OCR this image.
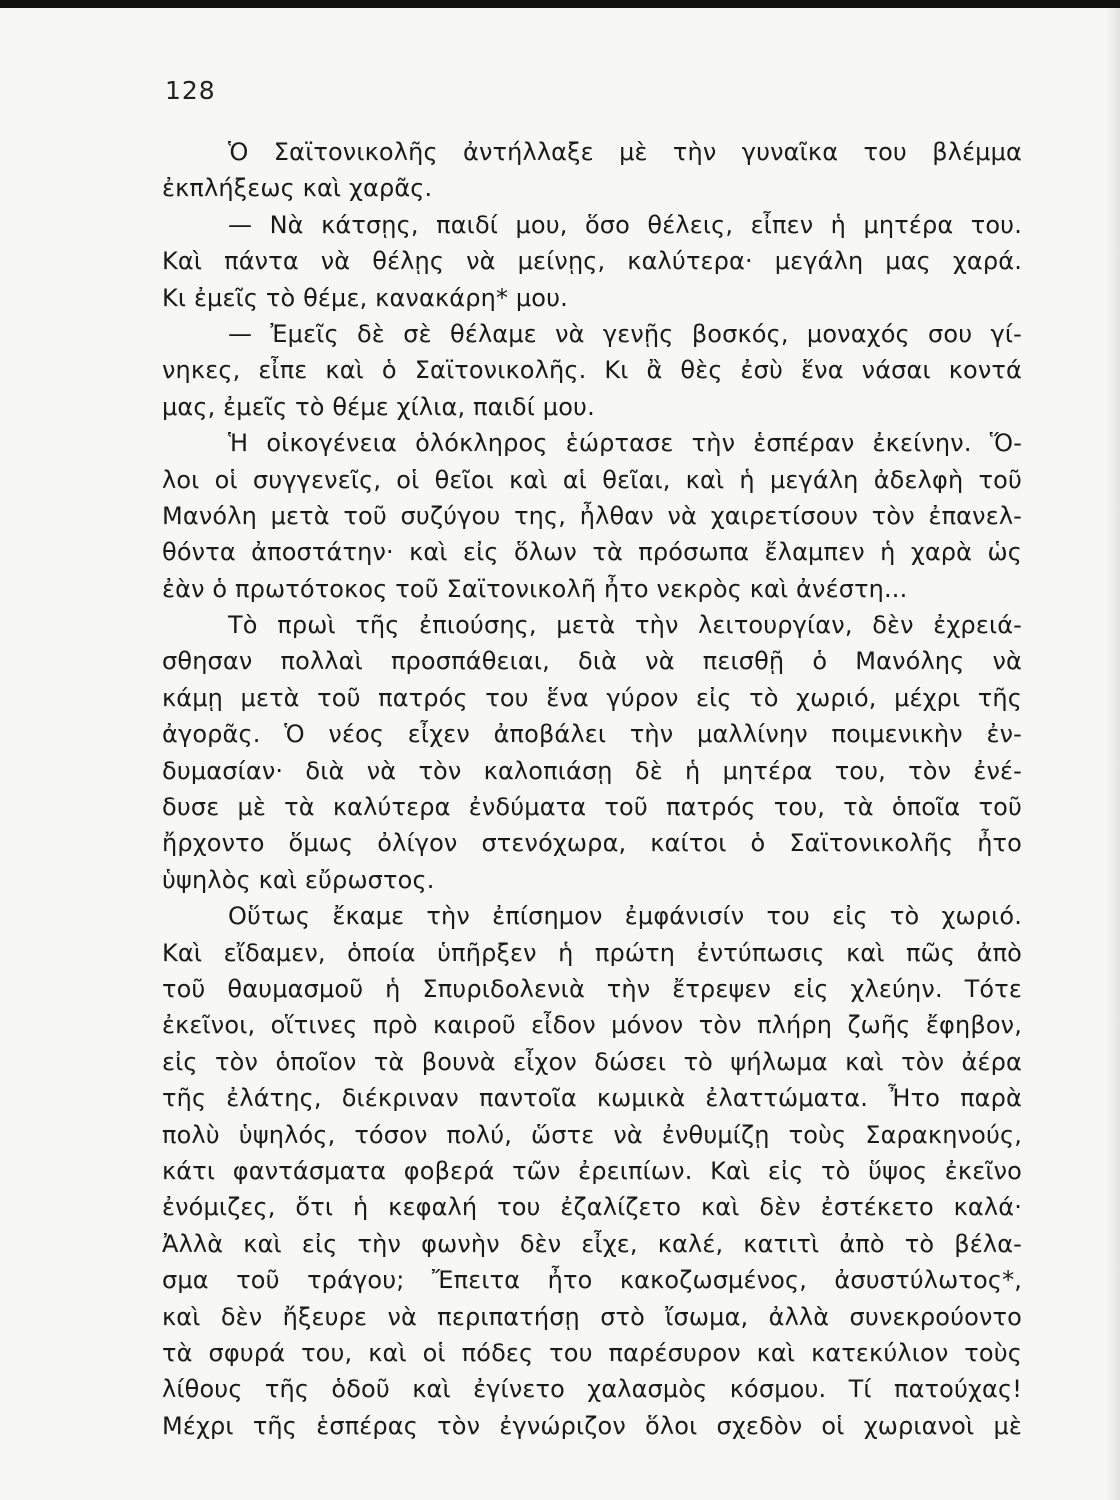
128
Ὁ Σαϊτονικολῆς ἀντήλλαξε μὲ τὴν γυναῖκα του βλέμμα
ἐκπλήξεως καὶ χαρᾶς.
— Νὰ κάτσῃς, παιδί μου, ὅσο θέλεις, εἶπεν ἡ μητέρα του.
Καὶ πάντα νὰ θέλῃς νὰ μείνῃς, καλύτερα· μεγάλη μας χαρά.
Κι ἐμεῖς τὸ θέμε, κανακάρη* μου.
— Ἐμεῖς δὲ σὲ θέλαμε νὰ γενῇς βοσκός, μοναχός σου γί-
νηκες, εἶπε καὶ ὁ Σαϊτονικολῆς. Κι ἂ θὲς ἐσὺ ἕνα νάσαι κοντά
μας, ἐμεῖς τὸ θέμε χίλια, παιδί μου.
Ἡ οἰκογένεια ὁλόκληρος ἑώρτασε τὴν ἑσπέραν ἐκείνην. Ὅ-
λοι οἱ συγγενεῖς, οἱ θεῖοι καὶ αἱ θεῖαι, καὶ ἡ μεγάλη ἀδελφὴ τοῦ
Μανόλη μετὰ τοῦ συζύγου της, ἦλθαν νὰ χαιρετίσουν τὸν ἐπανελ-
θόντα ἀποστάτην· καὶ εἰς ὅλων τὰ πρόσωπα ἔλαμπεν ἡ χαρὰ ὡς
ἐὰν ὁ πρωτότοκος τοῦ Σαϊτονικολῆ ἦτο νεκρὸς καὶ ἀνέστη...
Τὸ πρωὶ τῆς ἐπιούσης, μετὰ τὴν λειτουργίαν, δὲν ἐχρειά-
σθησαν πολλαὶ προσπάθειαι, διὰ νὰ πεισθῇ ὁ Μανόλης νὰ
κάμῃ μετὰ τοῦ πατρός του ἕνα γύρον εἰς τὸ χωριό, μέχρι τῆς
ἀγορᾶς. Ὁ νέος εἶχεν ἀποβάλει τὴν μαλλίνην ποιμενικὴν ἐν-
δυμασίαν· διὰ νὰ τὸν καλοπιάσῃ δὲ ἡ μητέρα του, τὸν ἐνέ-
δυσε μὲ τὰ καλύτερα ἐνδύματα τοῦ πατρός του, τὰ ὁποῖα τοῦ
ἤρχοντο ὅμως ὀλίγον στενόχωρα, καίτοι ὁ Σαϊτονικολῆς ἦτο
ὑψηλὸς καὶ εὔρωστος.
Οὕτως ἔκαμε τὴν ἐπίσημον ἐμφάνισίν του εἰς τὸ χωριό.
Καὶ εἴδαμεν, ὁποία ὑπῆρξεν ἡ πρώτη ἐντύπωσις καὶ πῶς ἀπὸ
τοῦ θαυμασμοῦ ἡ Σπυριδολενιὰ τὴν ἔτρεψεν εἰς χλεύην. Τότε
ἐκεῖνοι, οἵτινες πρὸ καιροῦ εἶδον μόνον τὸν πλήρη ζωῆς ἔφηβον,
εἰς τὸν ὁποῖον τὰ βουνὰ εἶχον δώσει τὸ ψήλωμα καὶ τὸν ἀέρα
τῆς ἐλάτης, διέκριναν παντοῖα κωμικὰ ἐλαττώματα. Ἦτο παρὰ
πολὺ ὑψηλός, τόσον πολύ, ὥστε νὰ ἐνθυμίζῃ τοὺς Σαρακηνούς,
κάτι φαντάσματα φοβερά τῶν ἐρειπίων. Καὶ εἰς τὸ ὕψος ἐκεῖνο
ἐνόμιζες, ὅτι ἡ κεφαλή του ἐζαλίζετο καὶ δὲν ἐστέκετο καλά·
Ἀλλὰ καὶ εἰς τὴν φωνὴν δὲν εἶχε, καλέ, κατιτὶ ἀπὸ τὸ βέλα-
σμα τοῦ τράγου; Ἔπειτα ἦτο κακοζωσμένος, ἀσυστύλωτος*,
καὶ δὲν ἤξευρε νὰ περιπατήσῃ στὸ ἴσωμα, ἀλλὰ συνεκρούοντο
τὰ σφυρά του, καὶ οἱ πόδες του παρέσυρον καὶ κατεκύλιον τοὺς
λίθους τῆς ὁδοῦ καὶ ἐγίνετο χαλασμὸς κόσμου. Τί πατούχας!
Μέχρι τῆς ἑσπέρας τὸν ἐγνώριζον ὅλοι σχεδὸν οἱ χωριανοὶ μὲ
